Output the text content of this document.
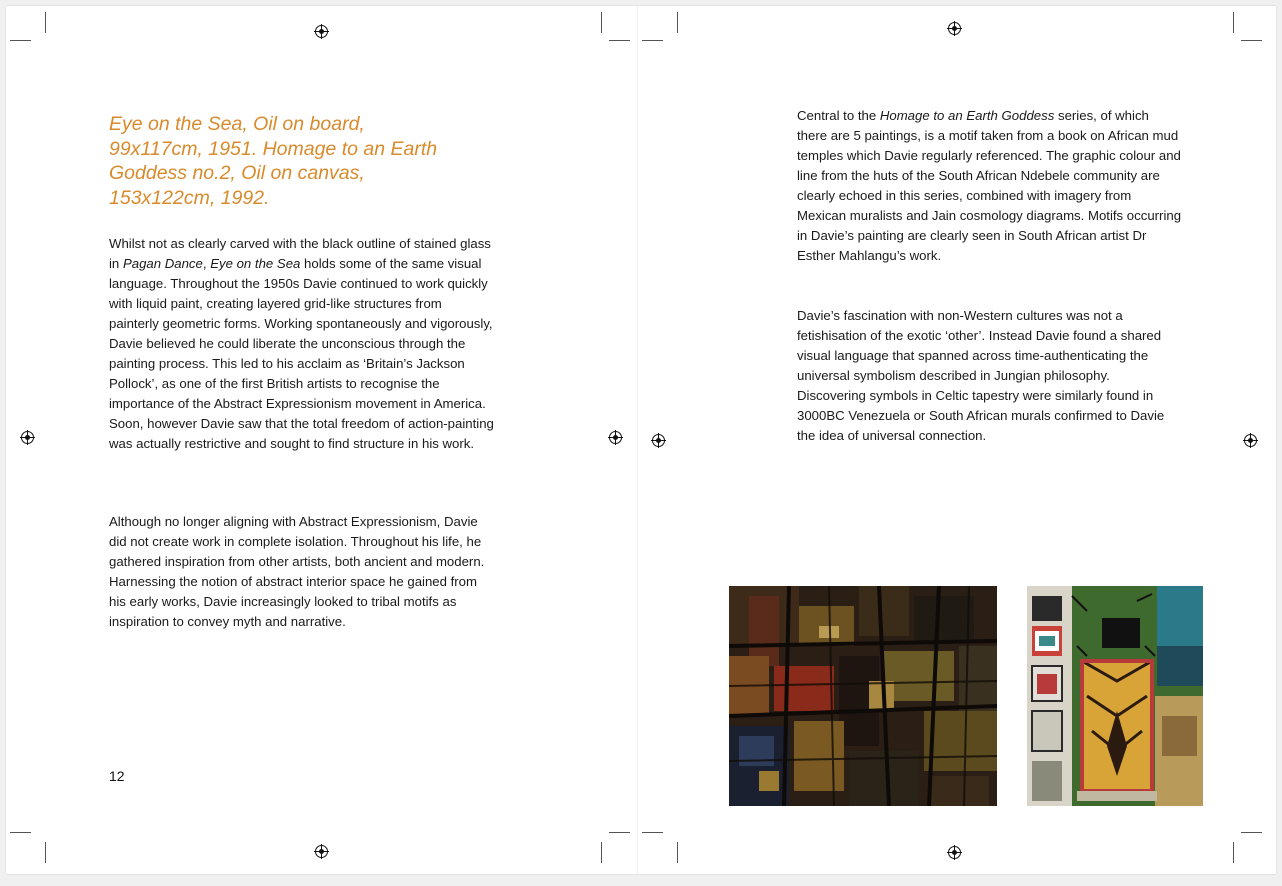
Eye on the Sea, Oil on board, 99x117cm, 1951. Homage to an Earth Goddess no.2, Oil on canvas, 153x122cm, 1992.

Whilst not as clearly carved with the black outline of stained glass in Pagan Dance, Eye on the Sea holds some of the same visual language. Throughout the 1950s Davie continued to work quickly with liquid paint, creating layered grid-like structures from painterly geometric forms. Working spontaneously and vigorously, Davie believed he could liberate the unconscious through the painting process. This led to his acclaim as ‘Britain’s Jackson Pollock’, as one of the first British artists to recognise the importance of the Abstract Expressionism movement in America. Soon, however Davie saw that the total freedom of action-painting was actually restrictive and sought to find structure in his work.

Although no longer aligning with Abstract Expressionism, Davie did not create work in complete isolation. Throughout his life, he gathered inspiration from other artists, both ancient and modern. Harnessing the notion of abstract interior space he gained from his early works, Davie increasingly looked to tribal motifs as inspiration to convey myth and narrative.

12

Central to the Homage to an Earth Goddess series, of which there are 5 paintings, is a motif taken from a book on African mud temples which Davie regularly referenced. The graphic colour and line from the huts of the South African Ndebele community are clearly echoed in this series, combined with imagery from Mexican muralists and Jain cosmology diagrams. Motifs occurring in Davie’s painting are clearly seen in South African artist Dr Esther Mahlangu’s work.

Davie’s fascination with non-Western cultures was not a fetishisation of the exotic ‘other’. Instead Davie found a shared visual language that spanned across time-authenticating the universal symbolism described in Jungian philosophy. Discovering symbols in Celtic tapestry were similarly found in 3000BC Venezuela or South African murals confirmed to Davie the idea of universal connection.
